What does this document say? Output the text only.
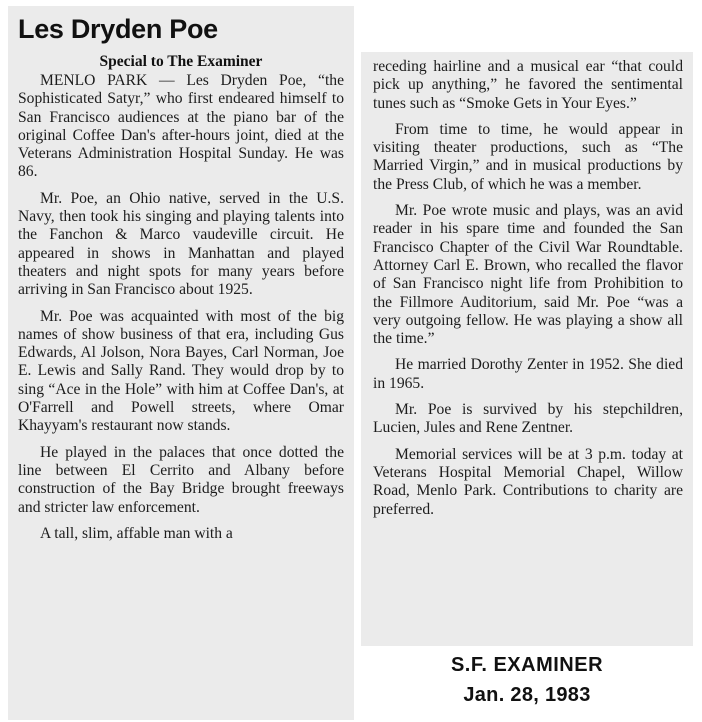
Les Dryden Poe
Special to The Examiner

MENLO PARK — Les Dryden Poe, “the Sophisticated Satyr,” who first endeared himself to San Francisco audiences at the piano bar of the original Coffee Dan's after-hours joint, died at the Veterans Administration Hospital Sunday. He was 86.

Mr. Poe, an Ohio native, served in the U.S. Navy, then took his singing and playing talents into the Fanchon & Marco vaudeville circuit. He appeared in shows in Manhattan and played theaters and night spots for many years before arriving in San Francisco about 1925.

Mr. Poe was acquainted with most of the big names of show business of that era, including Gus Edwards, Al Jolson, Nora Bayes, Carl Norman, Joe E. Lewis and Sally Rand. They would drop by to sing “Ace in the Hole” with him at Coffee Dan's, at O'Farrell and Powell streets, where Omar Khayyam's restaurant now stands.

He played in the palaces that once dotted the line between El Cerrito and Albany before construction of the Bay Bridge brought freeways and stricter law enforcement.

A tall, slim, affable man with a

receding hairline and a musical ear “that could pick up anything,” he favored the sentimental tunes such as “Smoke Gets in Your Eyes.”

From time to time, he would appear in visiting theater productions, such as “The Married Virgin,” and in musical productions by the Press Club, of which he was a member.

Mr. Poe wrote music and plays, was an avid reader in his spare time and founded the San Francisco Chapter of the Civil War Roundtable. Attorney Carl E. Brown, who recalled the flavor of San Francisco night life from Prohibition to the Fillmore Auditorium, said Mr. Poe “was a very outgoing fellow. He was playing a show all the time.”

He married Dorothy Zenter in 1952. She died in 1965.

Mr. Poe is survived by his stepchildren, Lucien, Jules and Rene Zentner.

Memorial services will be at 3 p.m. today at Veterans Hospital Memorial Chapel, Willow Road, Menlo Park. Contributions to charity are preferred.

S.F. EXAMINER
Jan. 28, 1983
